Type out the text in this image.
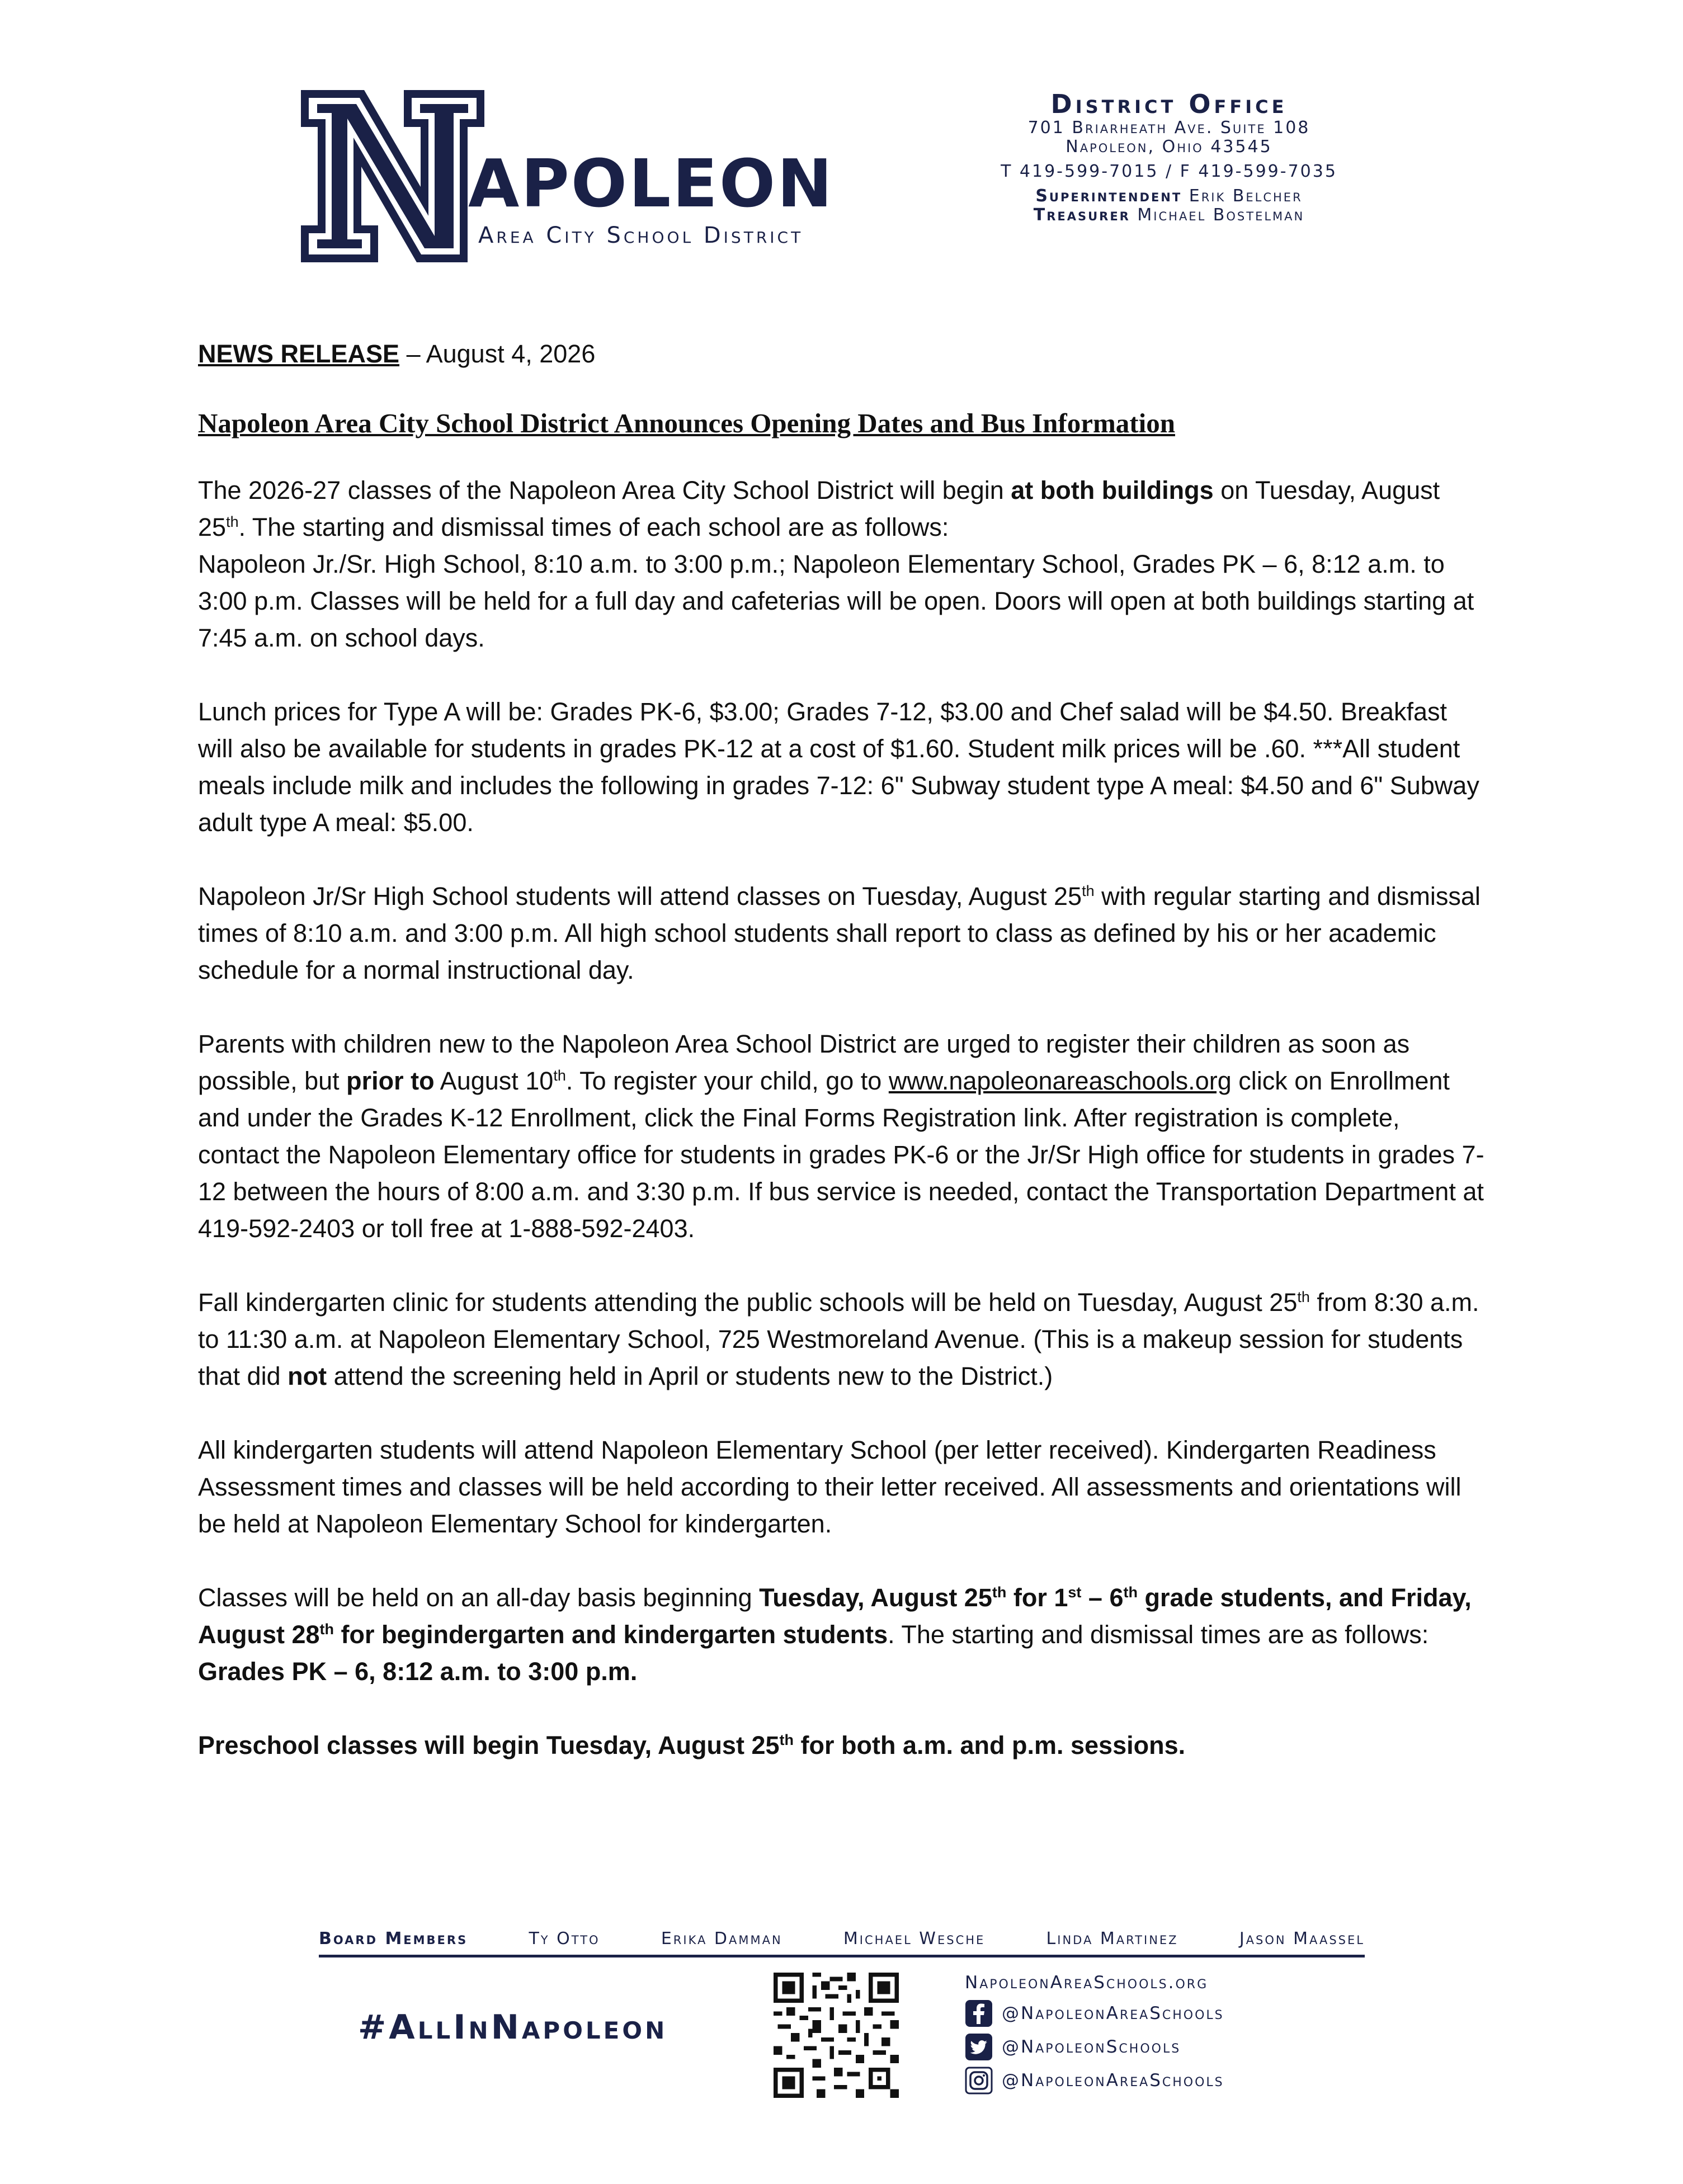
APOLEON
Area City School District
District Office
701 Briarheath Ave. Suite 108
Napoleon, Ohio 43545
T 419-599-7015 / F 419-599-7035
Superintendent Erik Belcher
Treasurer Michael Bostelman
NEWS RELEASE – August 4, 2026
Napoleon Area City School District Announces Opening Dates and Bus Information

The 2026-27 classes of the Napoleon Area City School District will begin at both buildings on Tuesday, August 25th. The starting and dismissal times of each school are as follows:
Napoleon Jr./Sr. High School, 8:10 a.m. to 3:00 p.m.; Napoleon Elementary School, Grades PK – 6, 8:12 a.m. to 3:00 p.m. Classes will be held for a full day and cafeterias will be open. Doors will open at both buildings starting at 7:45 a.m. on school days.

Lunch prices for Type A will be: Grades PK-6, $3.00; Grades 7-12, $3.00 and Chef salad will be $4.50. Breakfast will also be available for students in grades PK-12 at a cost of $1.60. Student milk prices will be .60. ***All student meals include milk and includes the following in grades 7-12: 6" Subway student type A meal: $4.50 and 6" Subway adult type A meal: $5.00.

Napoleon Jr/Sr High School students will attend classes on Tuesday, August 25th with regular starting and dismissal times of 8:10 a.m. and 3:00 p.m. All high school students shall report to class as defined by his or her academic schedule for a normal instructional day.

Parents with children new to the Napoleon Area School District are urged to register their children as soon as possible, but prior to August 10th. To register your child, go to www.napoleonareaschools.org click on Enrollment and under the Grades K-12 Enrollment, click the Final Forms Registration link. After registration is complete, contact the Napoleon Elementary office for students in grades PK-6 or the Jr/Sr High office for students in grades 7-12 between the hours of 8:00 a.m. and 3:30 p.m. If bus service is needed, contact the Transportation Department at 419-592-2403 or toll free at 1-888-592-2403.

Fall kindergarten clinic for students attending the public schools will be held on Tuesday, August 25th from 8:30 a.m. to 11:30 a.m. at Napoleon Elementary School, 725 Westmoreland Avenue. (This is a makeup session for students that did not attend the screening held in April or students new to the District.)

All kindergarten students will attend Napoleon Elementary School (per letter received). Kindergarten Readiness Assessment times and classes will be held according to their letter received. All assessments and orientations will be held at Napoleon Elementary School for kindergarten.

Classes will be held on an all-day basis beginning Tuesday, August 25th for 1st – 6th grade students, and Friday, August 28th for begindergarten and kindergarten students. The starting and dismissal times are as follows: Grades PK – 6, 8:12 a.m. to 3:00 p.m.

Preschool classes will begin Tuesday, August 25th for both a.m. and p.m. sessions.

Board Members	Ty Otto	Erika Damman	Michael Wesche	Linda Martinez	Jason Maassel
#AllInNapoleon
NapoleonAreaSchools.org
@NapoleonAreaSchools
@NapoleonSchools
@NapoleonAreaSchools
